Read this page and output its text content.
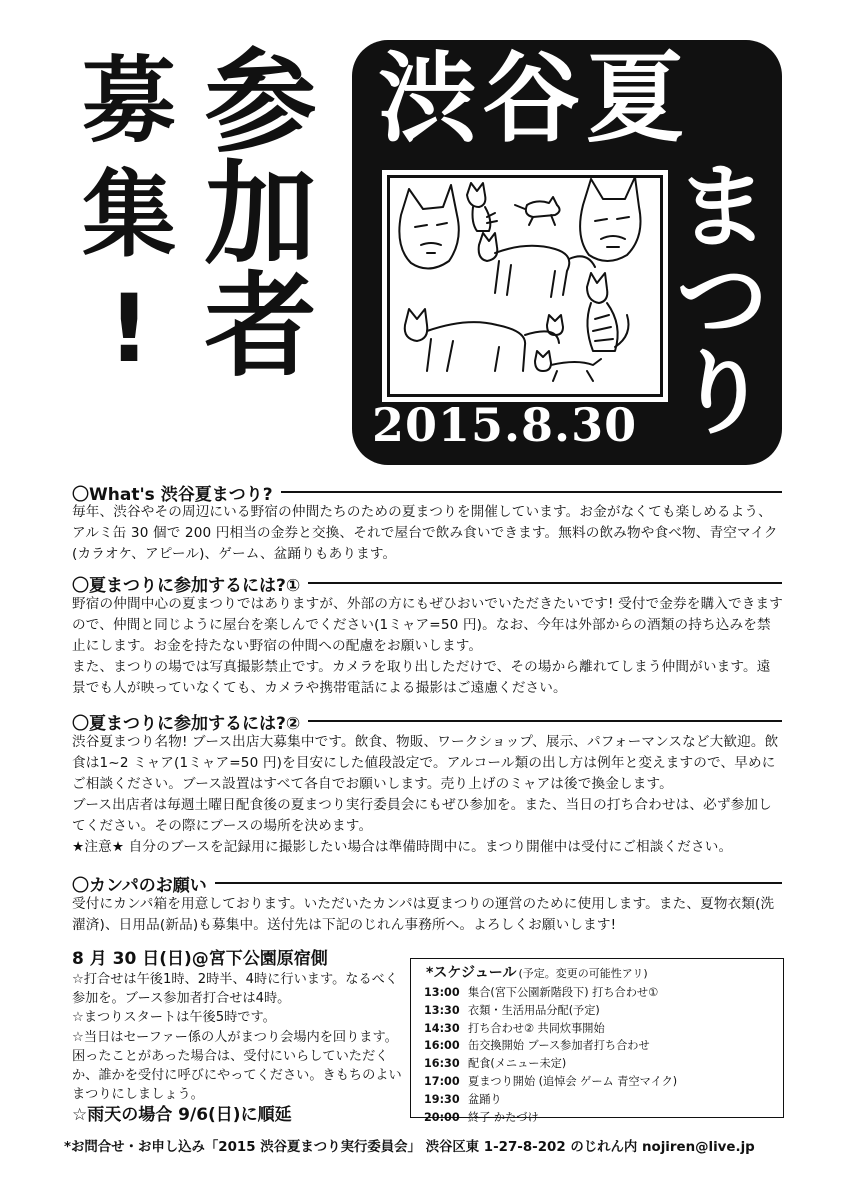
募
集
!
参
加
者
渋谷夏
ま
つ
り
2015.8.30
〇What's 渋谷夏まつり?

毎年、渋谷やその周辺にいる野宿の仲間たちのための夏まつりを開催しています。お金がなくても楽しめるよう、アルミ缶 30 個で 200 円相当の金券と交換、それで屋台で飲み食いできます。無料の飲み物や食べ物、青空マイク(カラオケ、アピール)、ゲーム、盆踊りもあります。

〇夏まつりに参加するには?①

野宿の仲間中心の夏まつりではありますが、外部の方にもぜひおいでいただきたいです! 受付で金券を購入できますので、仲間と同じように屋台を楽しんでください(1ミャア=50 円)。なお、今年は外部からの酒類の持ち込みを禁止にします。お金を持たない野宿の仲間への配慮をお願いします。

また、まつりの場では写真撮影禁止です。カメラを取り出しただけで、その場から離れてしまう仲間がいます。遠景でも人が映っていなくても、カメラや携帯電話による撮影はご遠慮ください。

〇夏まつりに参加するには?②

渋谷夏まつり名物! ブース出店大募集中です。飲食、物販、ワークショップ、展示、パフォーマンスなど大歓迎。飲食は1~2 ミャア(1ミャア=50 円)を目安にした値段設定で。アルコール類の出し方は例年と変えますので、早めにご相談ください。ブース設置はすべて各自でお願いします。売り上げのミャアは後で換金します。

ブース出店者は毎週土曜日配食後の夏まつり実行委員会にもぜひ参加を。また、当日の打ち合わせは、必ず参加してください。その際にブースの場所を決めます。

★注意★ 自分のブースを記録用に撮影したい場合は準備時間中に。まつり開催中は受付にご相談ください。

〇カンパのお願い

受付にカンパ箱を用意しております。いただいたカンパは夏まつりの運営のために使用します。また、夏物衣類(洗濯済)、日用品(新品)も募集中。送付先は下記のじれん事務所へ。よろしくお願いします!

8 月 30 日(日)@宮下公園原宿側

☆打合せは午後1時、2時半、4時に行います。なるべく参加を。ブース参加者打合せは4時。

☆まつりスタートは午後5時です。

☆当日はセーファー係の人がまつり会場内を回ります。困ったことがあった場合は、受付にいらしていただくか、誰かを受付に呼びにやってください。きもちのよいまつりにしましょう。

☆雨天の場合 9/6(日)に順延
*スケジュール (予定。変更の可能性アリ)
13:00 集合(宮下公園新階段下) 打ち合わせ①
13:30 衣類・生活用品分配(予定)
14:30 打ち合わせ② 共同炊事開始
16:00 缶交換開始 ブース参加者打ち合わせ
16:30 配食(メニュー未定)
17:00 夏まつり開始 (追悼会 ゲーム 青空マイク)
19:30 盆踊り
20:00 終了 かたづけ
*お問合せ・お申し込み「2015 渋谷夏まつり実行委員会」 渋谷区東 1-27-8-202 のじれん内 nojiren@live.jp
